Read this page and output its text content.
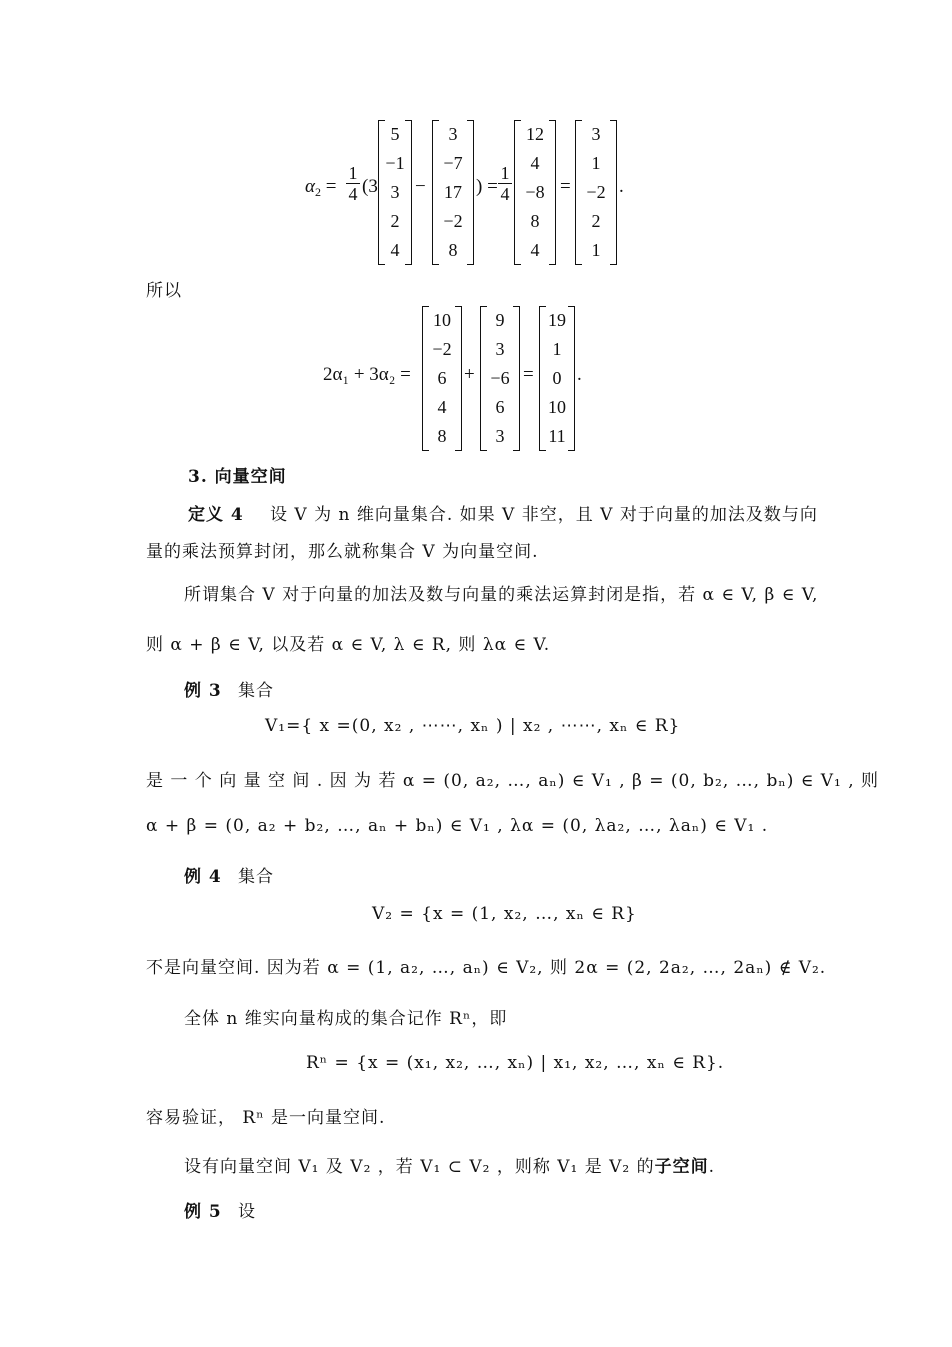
$\alpha_2 = \frac{1}{4} (3$
5
−1
3
2
4
−
3
−7
17
−2
8
) = $\frac{1}{4}$
12
4
−8
8
4
=
3
1
−2
2
1
.
所以
2α₁ + 3α₂ =
10
−2
6
4
8
+
9
3
−6
6
3
=
19
1
0
10
11
.
3. 向量空间
定义 4 设 V 为 n 维向量集合. 如果 V 非空，且 V 对于向量的加法及数与向
量的乘法预算封闭，那么就称集合 V 为向量空间.
所谓集合 V 对于向量的加法及数与向量的乘法运算封闭是指，若 α ∈ V, β ∈ V,
则 α + β ∈ V, 以及若 α ∈ V, λ ∈ R, 则 λα ∈ V.
例 3 集合
V₁={ x =(0, x₂ , ⋯⋯, xₙ ) | x₂ , ⋯⋯, xₙ ∈ R}
是 一 个 向 量 空 间 . 因 为 若 α = (0, a₂, …, aₙ) ∈ V₁ , β = (0, b₂, …, bₙ) ∈ V₁ , 则
α + β = (0, a₂ + b₂, …, aₙ + bₙ) ∈ V₁ , λα = (0, λa₂, …, λaₙ) ∈ V₁ .
例 4 集合
V₂ = {x = (1, x₂, …, xₙ ∈ R}
不是向量空间. 因为若 α = (1, a₂, …, aₙ) ∈ V₂, 则 2α = (2, 2a₂, …, 2aₙ) ∉ V₂.
全体 n 维实向量构成的集合记作 Rⁿ，即
Rⁿ = {x = (x₁, x₂, …, xₙ) | x₁, x₂, …, xₙ ∈ R}.
容易验证， Rⁿ 是一向量空间.
设有向量空间 V₁ 及 V₂ ，若 V₁ ⊂ V₂ ，则称 V₁ 是 V₂ 的子空间.
例 5 设
